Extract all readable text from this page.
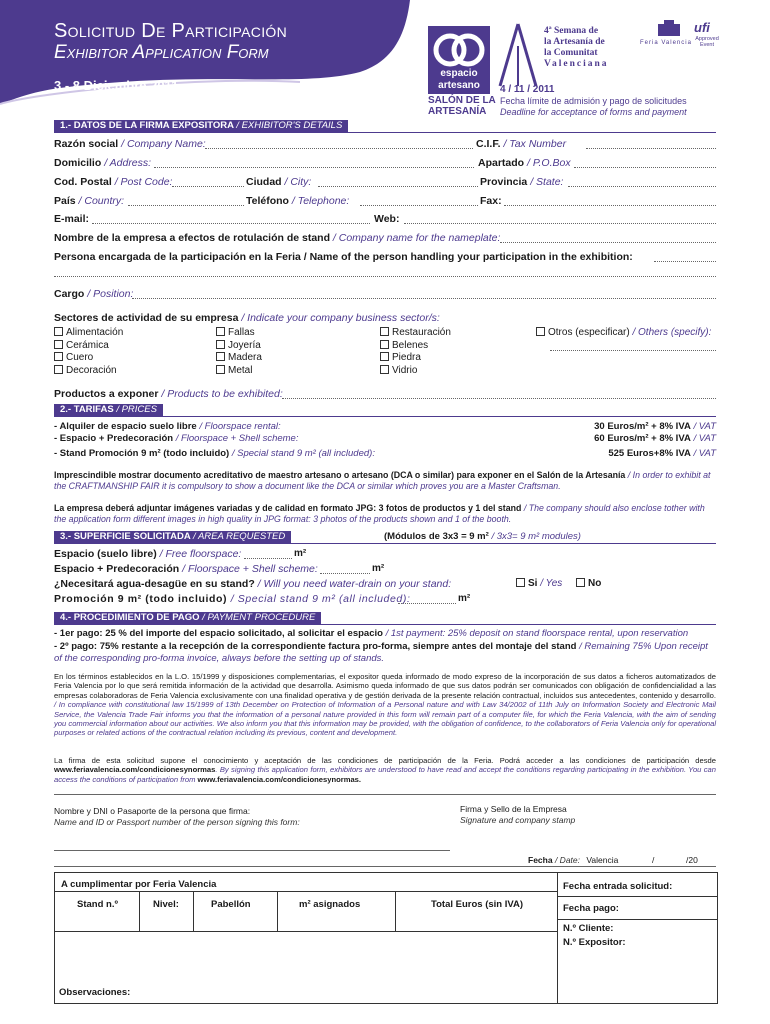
Solicitud De Participación
Exhibitor Application Form
3 - 8 Diciembre 2011.
espacio
artesano
SALÓN DE LA
ARTESANÍA
4ª Semana de
la Artesanía de
la Comunitat
Valenciana
Feria Valencia
ufi
Approved Event
4 / 11 / 2011
Fecha límite de admisión y pago de solicitudes
Deadline for acceptance of forms and payment
1.- DATOS DE LA FIRMA EXPOSITORA / EXHIBITOR'S DETAILS
Razón social / Company Name:	C.I.F. / Tax Number
Domicilio / Address:	Apartado / P.O.Box
Cod. Postal / Post Code:	Ciudad / City:	Provincia / State:
País / Country:	Teléfono / Telephone:	Fax:
E-mail:	Web:
Nombre de la empresa a efectos de rotulación de stand / Company name for the nameplate:
Persona encargada de la participación en la Feria / Name of the person handling your participation in the exhibition:
Cargo / Position:
Sectores de actividad de su empresa / Indicate your company business sector/s:
Alimentación
Cerámica
Cuero
Decoración
Fallas
Joyería
Madera
Metal
Restauración
Belenes
Piedra
Vidrio
Otros (especificar) / Others (specify):
Productos a exponer / Products to be exhibited:
2.- TARIFAS / PRICES
- Alquiler de espacio suelo libre / Floorspace rental:	30 Euros/m² + 8% IVA / VAT
- Espacio + Predecoración / Floorspace + Shell scheme:	60 Euros/m² + 8% IVA / VAT
- Stand Promoción 9 m² (todo incluido) / Special stand 9 m² (all included):	525 Euros+8% IVA / VAT
Imprescindible mostrar documento acreditativo de maestro artesano o artesano (DCA o similar) para exponer en el Salón de la Artesanía / In order to exhibit at the CRAFTMANSHIP FAIR it is compulsory to show a document like the DCA or similar which proves you are a Master Craftsman.
La empresa deberá adjuntar imágenes variadas y de calidad en formato JPG: 3 fotos de productos y 1 del stand / The company should also enclose tother with the application form different images in high quality in JPG format: 3 photos of the products shown and 1 of the booth.
3.- SUPERFICIE SOLICITADA / AREA REQUESTED	(Módulos de 3x3 = 9 m² / 3x3= 9 m² modules)
Espacio (suelo libre) / Free floorspace:	m²
Espacio + Predecoración / Floorspace + Shell scheme:	m²
¿Necesitará agua-desagüe en su stand? / Will you need water-drain on your stand:	Si / Yes	No
Promoción 9 m² (todo incluido) / Special stand 9 m² (all included):	m²
4.- PROCEDIMIENTO DE PAGO / PAYMENT PROCEDURE
- 1er pago: 25 % del importe del espacio solicitado, al solicitar el espacio / 1st payment: 25% deposit on stand floorspace rental, upon reservation
- 2º pago: 75% restante a la recepción de la correspondiente factura pro-forma, siempre antes del montaje del stand / Remaining 75% Upon receipt of the corresponding pro-forma invoice, always before the setting up of stands.
En los términos establecidos en la L.O. 15/1999 y disposiciones complementarias, el expositor queda informado de modo expreso de la incorporación de sus datos a ficheros automatizados de Feria Valencia por lo que será remitida información de la actividad que desarrolla. Asimismo queda informado de que sus datos podrán ser comunicados con obligación de confidencialidad a las empresas colaboradoras de Feria Valencia exclusivamente con una finalidad operativa y de gestión derivada de la presente relación contractual, incluidos sus antecedentes, contenido y desarrollo. / In compliance with constitutional law 15/1999 of 13th December on Protection of Information of a Personal nature and with Law 34/2002 of 11th July on Information Society and Electronic Mail Service, the Valencia Trade Fair informs you that the information of a personal nature provided in this form will remain part of a computer file, for which the Feria Valencia, with the aim of sending you commercial information about our activities. We also inform you that this information may be provided, with the obligation of confidence, to the collaborators of Feria Valencia only for operational purposes or related actions of the contractual relation including its previous, content and development.
La firma de esta solicitud supone el conocimiento y aceptación de las condiciones de participación de la Feria. Podrá acceder a las condiciones de participación desde www.feriavalencia.com/condicionesynormas. By signing this application form, exhibitors are understood to have read and accept the conditions regarding participating in the exhibition. You can access the conditions of participation from www.feriavalencia.com/condicionesynormas.
Nombre y DNI o Pasaporte de la persona que firma:
Name and ID or Passport number of the person signing this form:
Firma y Sello de la Empresa
Signature and company stamp
Fecha / Date: Valencia	/	/20
A cumplimentar por Feria Valencia
Stand n.º	Nivel:	Pabellón	m² asignados	Total Euros (sin IVA)
Observaciones:
Fecha entrada solicitud:
Fecha pago:
N.º Cliente:
N.º Expositor:
